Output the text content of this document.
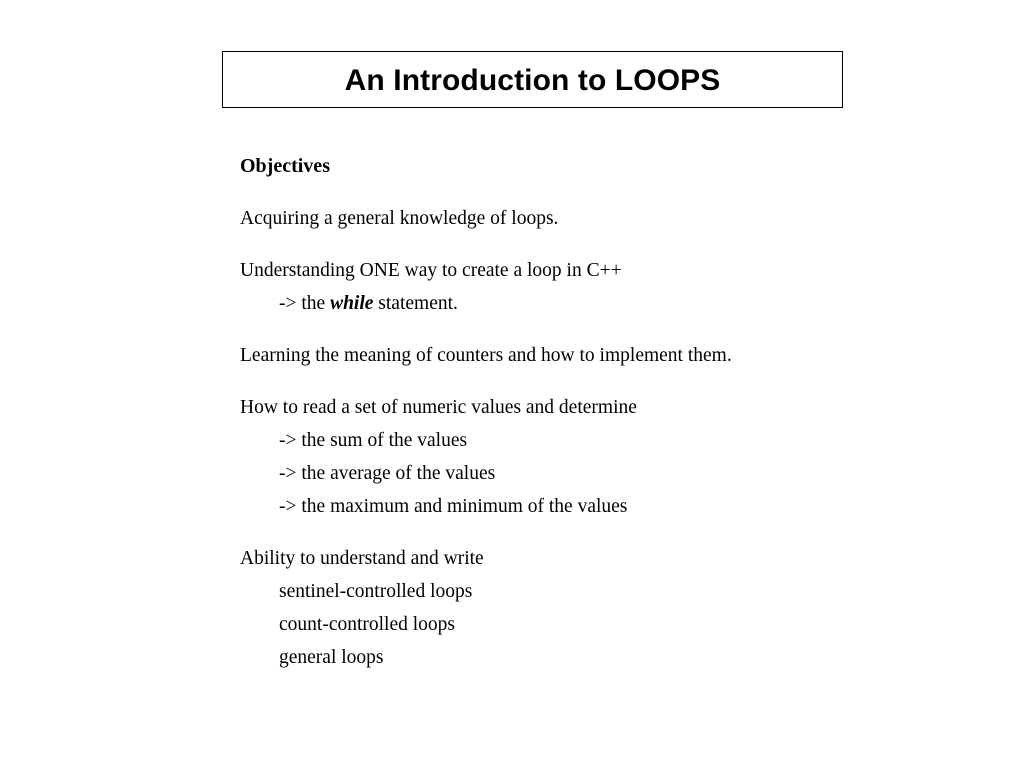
An Introduction to LOOPS
Objectives
Acquiring a general knowledge of loops.
Understanding ONE way to create a loop in C++
-> the while statement.
Learning the meaning of counters and how to implement them.
How to read a set of numeric values and determine
-> the sum of the values
-> the average of the values
-> the maximum and minimum of the values
Ability to understand and write
sentinel-controlled loops
count-controlled loops
general loops
